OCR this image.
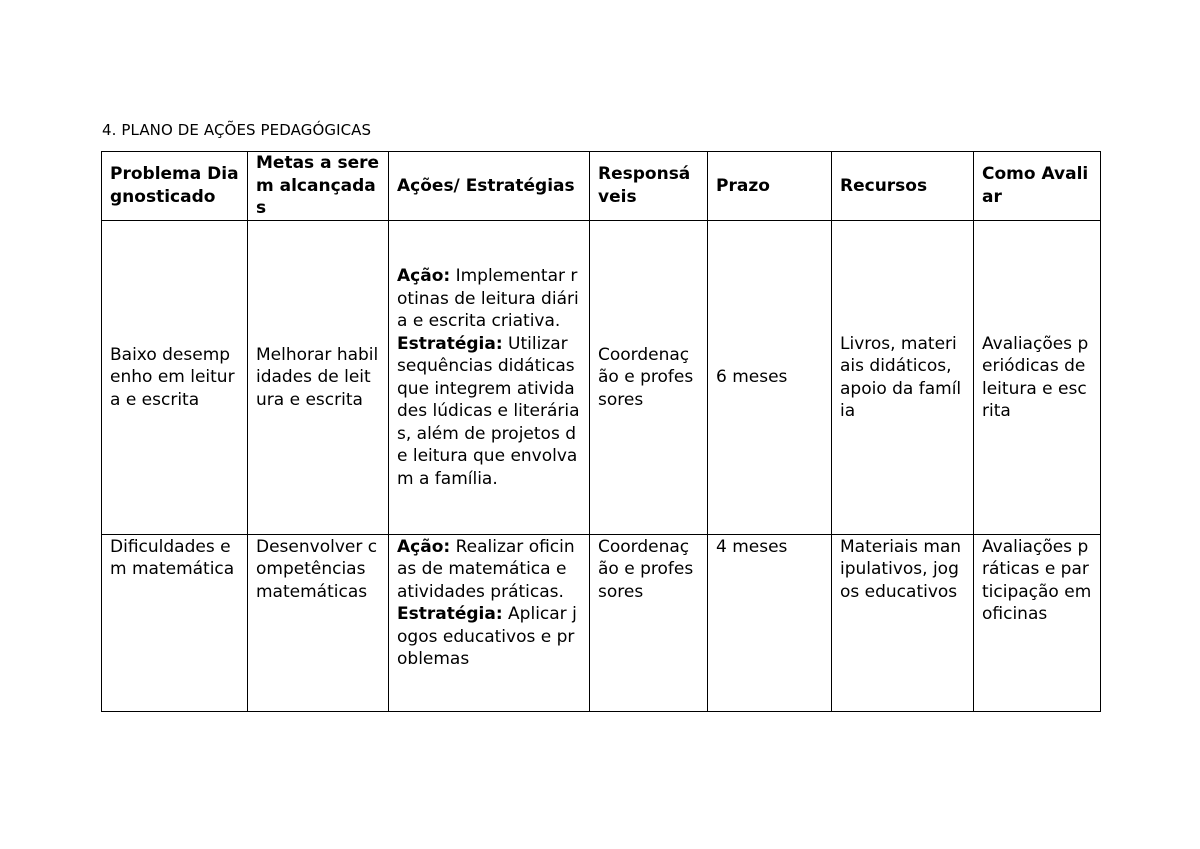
4. PLANO DE AÇÕES PEDAGÓGICAS
Problema Diagnosticado	Metas a serem alcançadas	Ações/ Estratégias	Responsáveis	Prazo	Recursos	Como Avaliar
Baixo desempenho em leitura e escrita	Melhorar habilidades de leitura e escrita	Ação: Implementar rotinas de leitura diária e escrita criativa.
Estratégia: Utilizar sequências didáticas que integrem atividades lúdicas e literárias, além de projetos de leitura que envolvam a família.	Coordenação e professores	6 meses	Livros, materiais didáticos, apoio da família	Avaliações periódicas de leitura e escrita
Dificuldades em matemática	Desenvolver competências matemáticas	Ação: Realizar oficinas de matemática e atividades práticas.
Estratégia: Aplicar jogos educativos e problemas	Coordenação e professores	4 meses	Materiais manipulativos, jogos educativos	Avaliações práticas e participação em oficinas
